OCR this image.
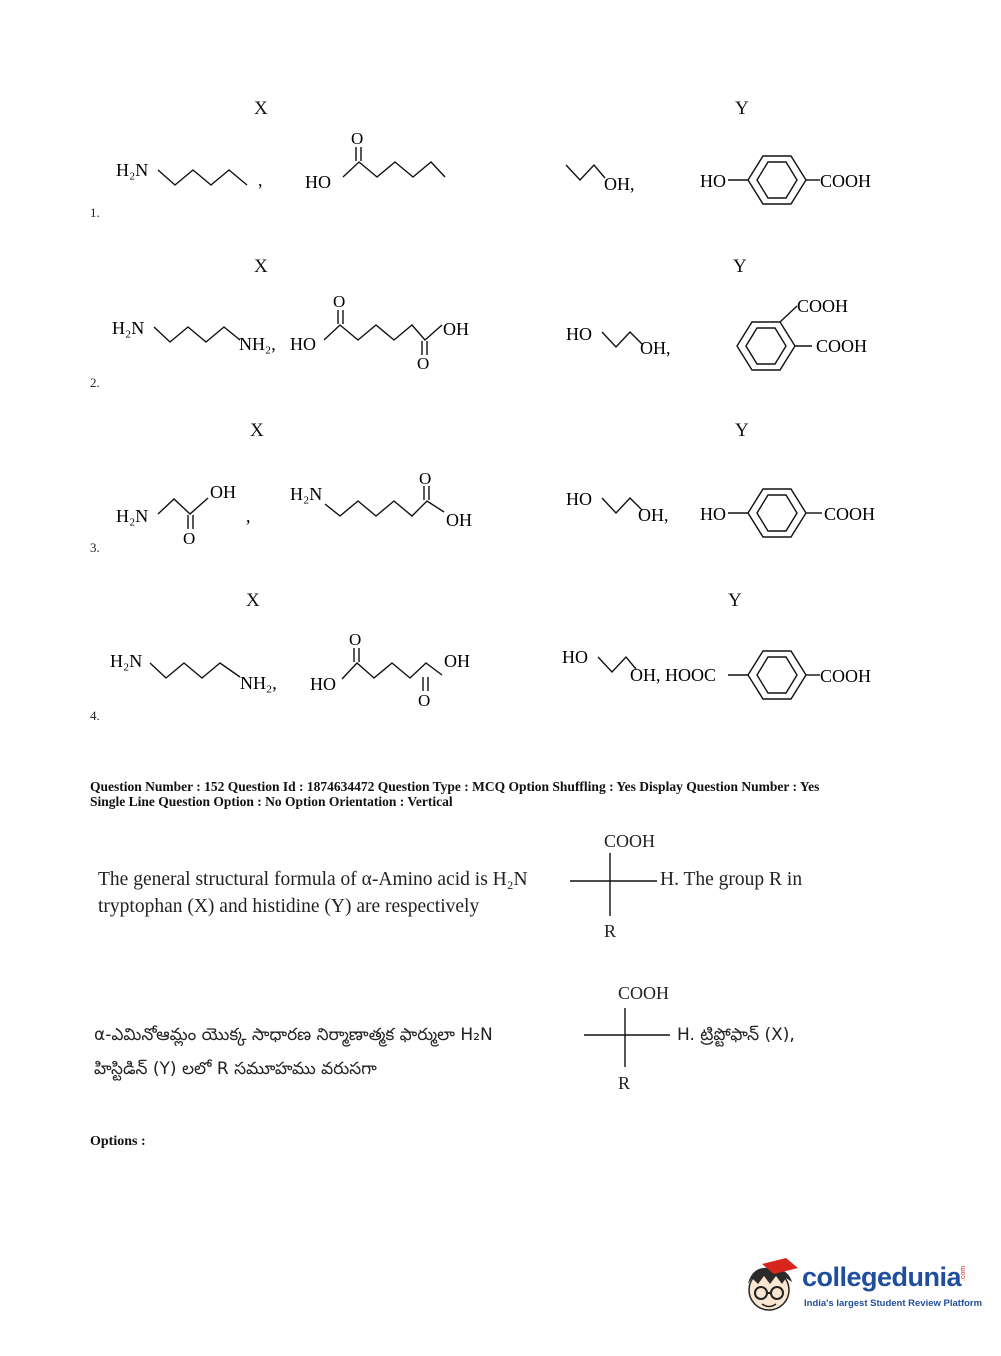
X	Y
1.
H₂N	, HO
O
OH,	HO	COOH
X	Y
2.
H₂N
NH₂, HO
O
O
OH	HO
OH,
COOH
COOH
X	Y
3.
H₂N
O
OH
,
H₂N
O
OH
HO
OH, HO	COOH
X	Y
4.
H₂N
NH₂, HO
O
O
OH	HO
OH, HOOC	COOH
Question Number : 152 Question Id : 1874634472 Question Type : MCQ Option Shuffling : Yes Display Question Number : Yes
Single Line Question Option : No Option Orientation : Vertical
The general structural formula of α-Amino acid is H₂N
tryptophan (X) and histidine (Y) are respectively
COOH
H. The group R in
R
α-ఎమినోఆమ్లం యొక్క సాధారణ నిర్మాణాత్మక ఫార్ములా H₂N
హిస్టిడిన్ (Y) లలో R సమూహము వరుసగా
COOH
H. ట్రిప్టోఫాన్ (X),
R
Options :
collegedunia .com
India's largest Student Review Platform
